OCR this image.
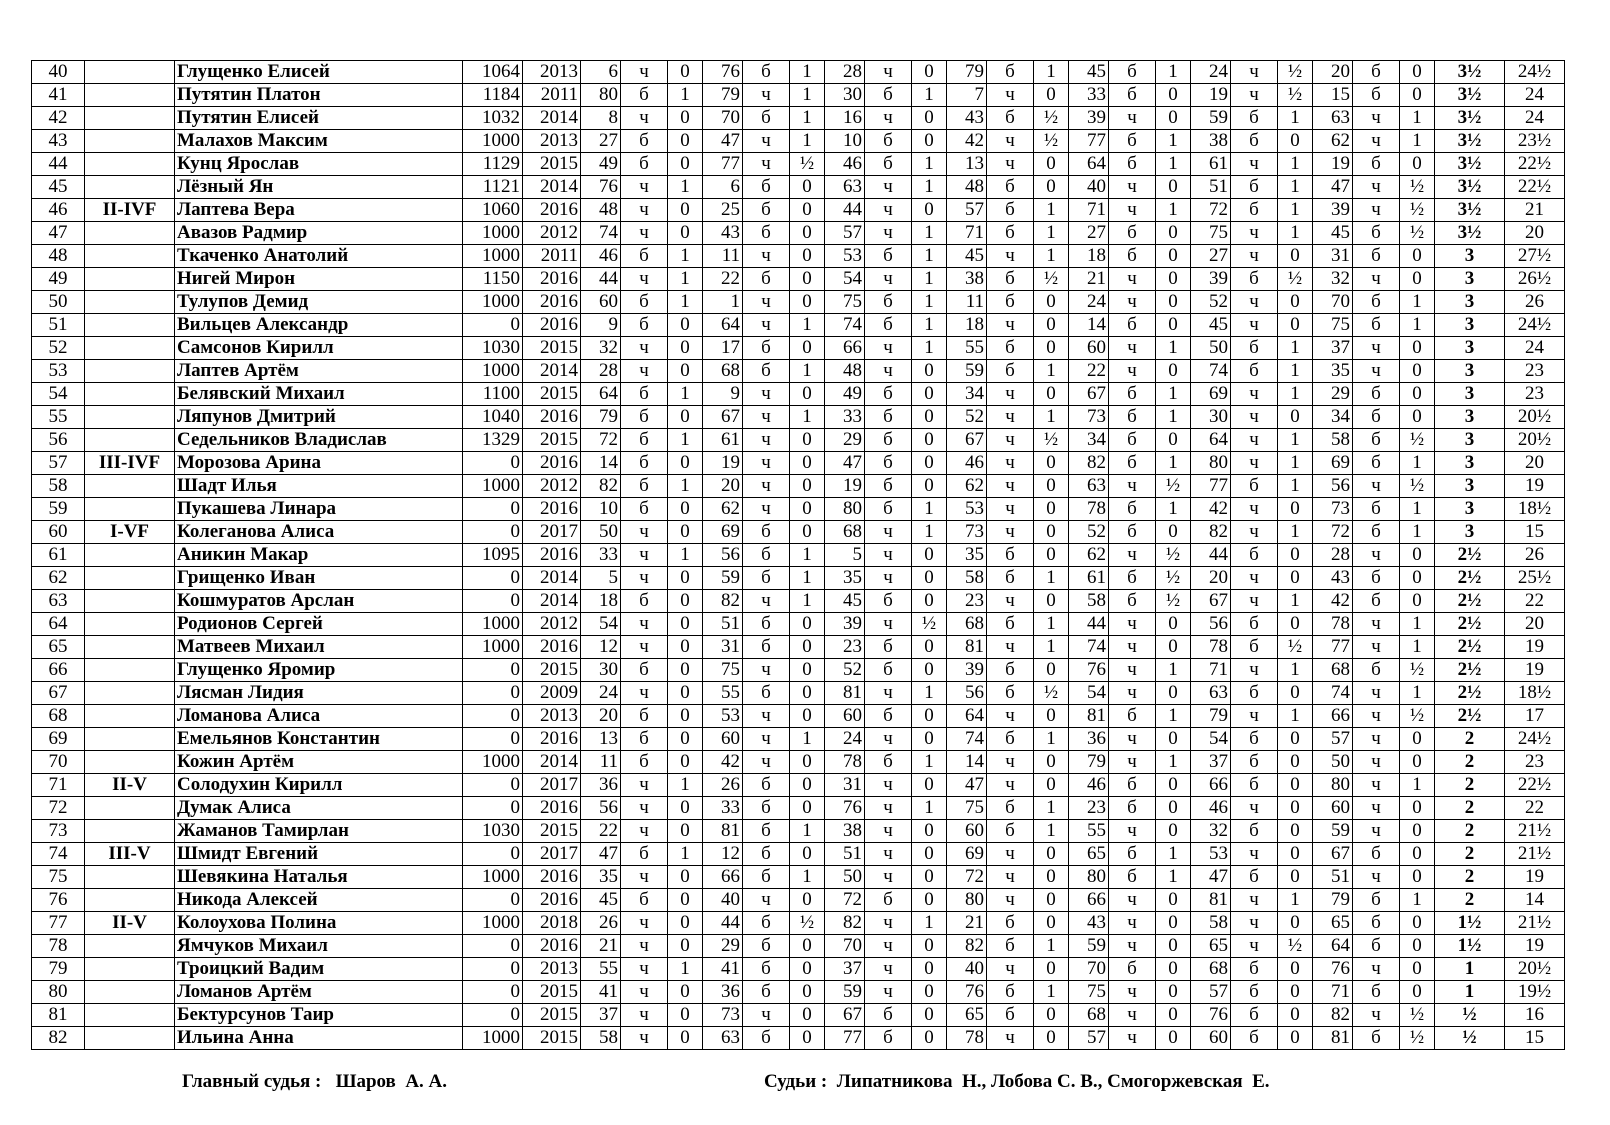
40		Глущенко Елисей	1064	2013	6	ч	0	76	б	1	28	ч	0	79	б	1	45	б	1	24	ч	½	20	б	0	3½	24½
41		Путятин Платон	1184	2011	80	б	1	79	ч	1	30	б	1	7	ч	0	33	б	0	19	ч	½	15	б	0	3½	24
42		Путятин Елисей	1032	2014	8	ч	0	70	б	1	16	ч	0	43	б	½	39	ч	0	59	б	1	63	ч	1	3½	24
43		Малахов Максим	1000	2013	27	б	0	47	ч	1	10	б	0	42	ч	½	77	б	1	38	б	0	62	ч	1	3½	23½
44		Кунц Ярослав	1129	2015	49	б	0	77	ч	½	46	б	1	13	ч	0	64	б	1	61	ч	1	19	б	0	3½	22½
45		Лёзный Ян	1121	2014	76	ч	1	6	б	0	63	ч	1	48	б	0	40	ч	0	51	б	1	47	ч	½	3½	22½
46	II-IVF	Лаптева Вера	1060	2016	48	ч	0	25	б	0	44	ч	0	57	б	1	71	ч	1	72	б	1	39	ч	½	3½	21
47		Авазов Радмир	1000	2012	74	ч	0	43	б	0	57	ч	1	71	б	1	27	б	0	75	ч	1	45	б	½	3½	20
48		Ткаченко Анатолий	1000	2011	46	б	1	11	ч	0	53	б	1	45	ч	1	18	б	0	27	ч	0	31	б	0	3	27½
49		Нигей Мирон	1150	2016	44	ч	1	22	б	0	54	ч	1	38	б	½	21	ч	0	39	б	½	32	ч	0	3	26½
50		Тулупов Демид	1000	2016	60	б	1	1	ч	0	75	б	1	11	б	0	24	ч	0	52	ч	0	70	б	1	3	26
51		Вильцев Александр	0	2016	9	б	0	64	ч	1	74	б	1	18	ч	0	14	б	0	45	ч	0	75	б	1	3	24½
52		Самсонов Кирилл	1030	2015	32	ч	0	17	б	0	66	ч	1	55	б	0	60	ч	1	50	б	1	37	ч	0	3	24
53		Лаптев Артём	1000	2014	28	ч	0	68	б	1	48	ч	0	59	б	1	22	ч	0	74	б	1	35	ч	0	3	23
54		Белявский Михаил	1100	2015	64	б	1	9	ч	0	49	б	0	34	ч	0	67	б	1	69	ч	1	29	б	0	3	23
55		Ляпунов Дмитрий	1040	2016	79	б	0	67	ч	1	33	б	0	52	ч	1	73	б	1	30	ч	0	34	б	0	3	20½
56		Седельников Владислав	1329	2015	72	б	1	61	ч	0	29	б	0	67	ч	½	34	б	0	64	ч	1	58	б	½	3	20½
57	III-IVF	Морозова Арина	0	2016	14	б	0	19	ч	0	47	б	0	46	ч	0	82	б	1	80	ч	1	69	б	1	3	20
58		Шадт Илья	1000	2012	82	б	1	20	ч	0	19	б	0	62	ч	0	63	ч	½	77	б	1	56	ч	½	3	19
59		Пукашева Линара	0	2016	10	б	0	62	ч	0	80	б	1	53	ч	0	78	б	1	42	ч	0	73	б	1	3	18½
60	I-VF	Колеганова Алиса	0	2017	50	ч	0	69	б	0	68	ч	1	73	ч	0	52	б	0	82	ч	1	72	б	1	3	15
61		Аникин Макар	1095	2016	33	ч	1	56	б	1	5	ч	0	35	б	0	62	ч	½	44	б	0	28	ч	0	2½	26
62		Грищенко Иван	0	2014	5	ч	0	59	б	1	35	ч	0	58	б	1	61	б	½	20	ч	0	43	б	0	2½	25½
63		Кошмуратов Арслан	0	2014	18	б	0	82	ч	1	45	б	0	23	ч	0	58	б	½	67	ч	1	42	б	0	2½	22
64		Родионов Сергей	1000	2012	54	ч	0	51	б	0	39	ч	½	68	б	1	44	ч	0	56	б	0	78	ч	1	2½	20
65		Матвеев Михаил	1000	2016	12	ч	0	31	б	0	23	б	0	81	ч	1	74	ч	0	78	б	½	77	ч	1	2½	19
66		Глущенко Яромир	0	2015	30	б	0	75	ч	0	52	б	0	39	б	0	76	ч	1	71	ч	1	68	б	½	2½	19
67		Лясман Лидия	0	2009	24	ч	0	55	б	0	81	ч	1	56	б	½	54	ч	0	63	б	0	74	ч	1	2½	18½
68		Ломанова Алиса	0	2013	20	б	0	53	ч	0	60	б	0	64	ч	0	81	б	1	79	ч	1	66	ч	½	2½	17
69		Емельянов Константин	0	2016	13	б	0	60	ч	1	24	ч	0	74	б	1	36	ч	0	54	б	0	57	ч	0	2	24½
70		Кожин Артём	1000	2014	11	б	0	42	ч	0	78	б	1	14	ч	0	79	ч	1	37	б	0	50	ч	0	2	23
71	II-V	Солодухин Кирилл	0	2017	36	ч	1	26	б	0	31	ч	0	47	ч	0	46	б	0	66	б	0	80	ч	1	2	22½
72		Думак Алиса	0	2016	56	ч	0	33	б	0	76	ч	1	75	б	1	23	б	0	46	ч	0	60	ч	0	2	22
73		Жаманов Тамирлан	1030	2015	22	ч	0	81	б	1	38	ч	0	60	б	1	55	ч	0	32	б	0	59	ч	0	2	21½
74	III-V	Шмидт Евгений	0	2017	47	б	1	12	б	0	51	ч	0	69	ч	0	65	б	1	53	ч	0	67	б	0	2	21½
75		Шевякина Наталья	1000	2016	35	ч	0	66	б	1	50	ч	0	72	ч	0	80	б	1	47	б	0	51	ч	0	2	19
76		Никода Алексей	0	2016	45	б	0	40	ч	0	72	б	0	80	ч	0	66	ч	0	81	ч	1	79	б	1	2	14
77	II-V	Колоухова Полина	1000	2018	26	ч	0	44	б	½	82	ч	1	21	б	0	43	ч	0	58	ч	0	65	б	0	1½	21½
78		Ямчуков Михаил	0	2016	21	ч	0	29	б	0	70	ч	0	82	б	1	59	ч	0	65	ч	½	64	б	0	1½	19
79		Троицкий Вадим	0	2013	55	ч	1	41	б	0	37	ч	0	40	ч	0	70	б	0	68	б	0	76	ч	0	1	20½
80		Ломанов Артём	0	2015	41	ч	0	36	б	0	59	ч	0	76	б	1	75	ч	0	57	б	0	71	б	0	1	19½
81		Бектурсунов Таир	0	2015	37	ч	0	73	ч	0	67	б	0	65	б	0	68	ч	0	76	б	0	82	ч	½	½	16
82		Ильина Анна	1000	2015	58	ч	0	63	б	0	77	б	0	78	ч	0	57	ч	0	60	б	0	81	б	½	½	15
Главный судья :   Шаров  А. А.	Судьи :  Липатникова  Н., Лобова С. В., Смогоржевская  Е.
